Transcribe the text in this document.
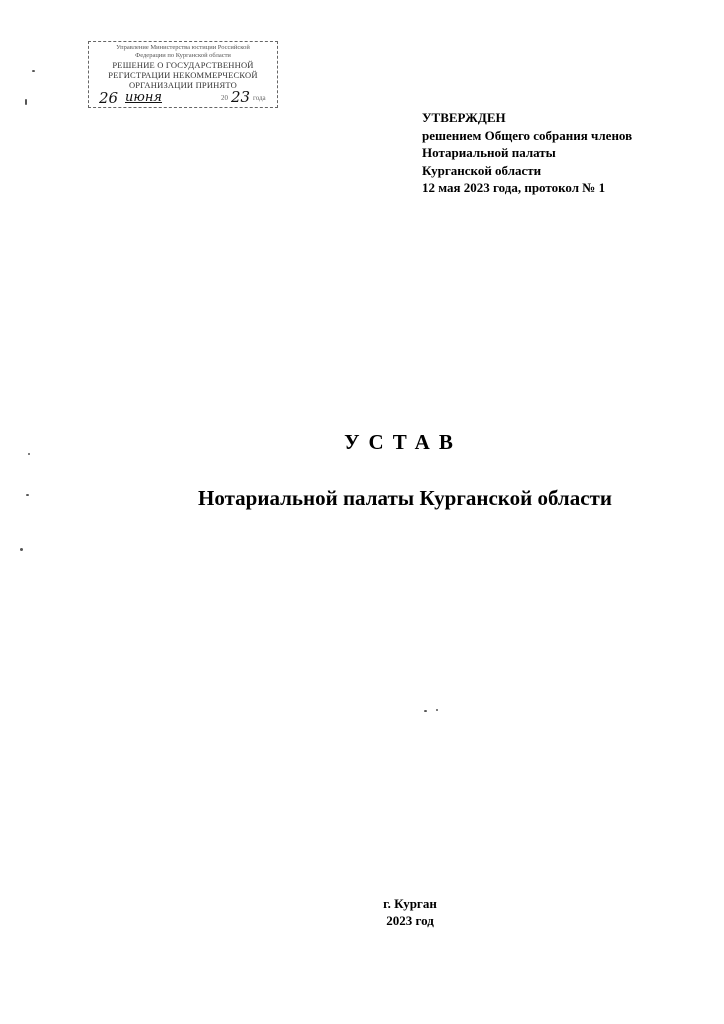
Управление Министерства юстиции Российской
Федерации по Курганской области
РЕШЕНИЕ О ГОСУДАРСТВЕННОЙ
РЕГИСТРАЦИИ НЕКОММЕРЧЕСКОЙ
ОРГАНИЗАЦИИ ПРИНЯТО
26 июня	20 23 года
УТВЕРЖДЕН
решением Общего собрания членов
Нотариальной палаты
Курганской области
12 мая 2023 года, протокол № 1
УСТАВ
Нотариальной палаты Курганской области
г. Курган
2023 год
